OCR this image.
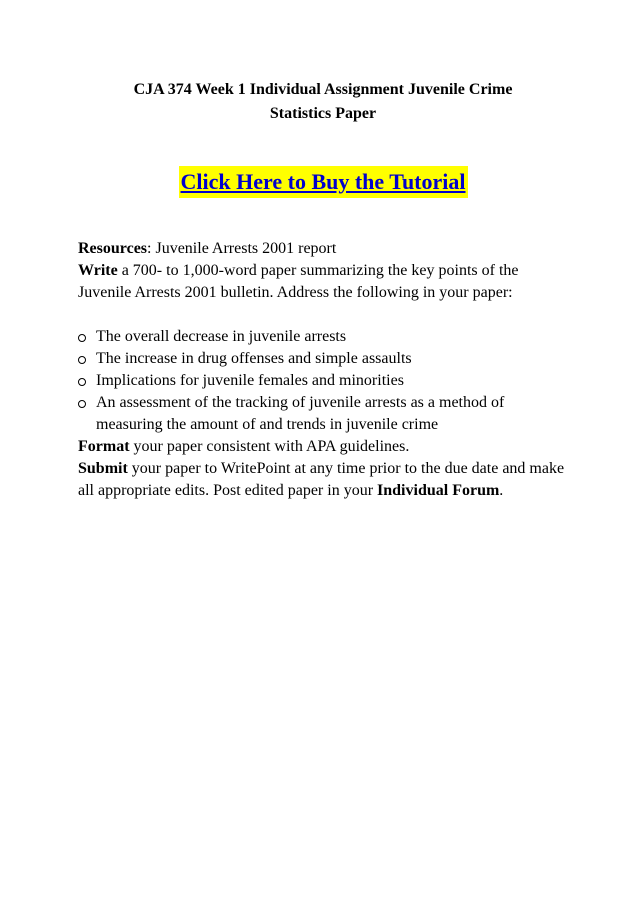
CJA 374 Week 1 Individual Assignment Juvenile Crime
Statistics Paper
Click Here to Buy the Tutorial

Resources: Juvenile Arrests 2001 report
Write a 700- to 1,000-word paper summarizing the key points of the Juvenile Arrests 2001 bulletin. Address the following in your paper:

The overall decrease in juvenile arrests
The increase in drug offenses and simple assaults
Implications for juvenile females and minorities
An assessment of the tracking of juvenile arrests as a method of measuring the amount of and trends in juvenile crime

Format your paper consistent with APA guidelines.

Submit your paper to WritePoint at any time prior to the due date and make all appropriate edits. Post edited paper in your Individual Forum.
